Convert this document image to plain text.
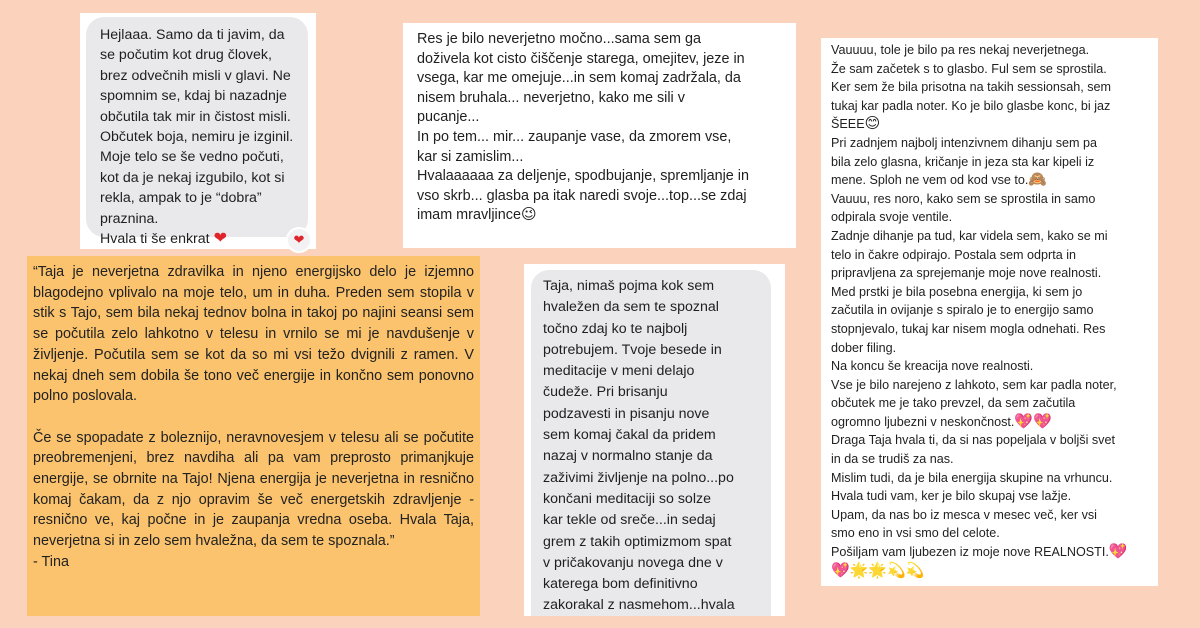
Hejlaaa. Samo da ti javim, da
se počutim kot drug človek,
brez odvečnih misli v glavi. Ne
spomnim se, kdaj bi nazadnje
občutila tak mir in čistost misli.
Občutek boja, nemiru je izginil.
Moje telo se še vedno počuti,
kot da je nekaj izgubilo, kot si
rekla, ampak to je “dobra”
praznina.
Hvala ti še enkrat ❤	❤
Res je bilo neverjetno močno...sama sem ga
doživela kot cisto čiščenje starega, omejitev, jeze in
vsega, kar me omejuje...in sem komaj zadržala, da
nisem bruhala... neverjetno, kako me sili v
pucanje...
In po tem... mir... zaupanje vase, da zmorem vse,
kar si zamislim...
Hvalaaaaaa za deljenje, spodbujanje, spremljanje in
vso skrb... glasba pa itak naredi svoje...top...se zdaj
imam mravljince😉
Vauuuu, tole je bilo pa res nekaj neverjetnega.
Že sam začetek s to glasbo. Ful sem se sprostila.
Ker sem že bila prisotna na takih sessionsah, sem
tukaj kar padla noter. Ko je bilo glasbe konc, bi jaz
ŠEEE😊
Pri zadnjem najbolj intenzivnem dihanju sem pa
bila zelo glasna, kričanje in jeza sta kar kipeli iz
mene. Sploh ne vem od kod vse to.🙈
Vauuu, res noro, kako sem se sprostila in samo
odpirala svoje ventile.
Zadnje dihanje pa tud, kar videla sem, kako se mi
telo in čakre odpirajo. Postala sem odprta in
pripravljena za sprejemanje moje nove realnosti.
Med prstki je bila posebna energija, ki sem jo
začutila in ovijanje s spiralo je to energijo samo
stopnjevalo, tukaj kar nisem mogla odnehati. Res
dober filing.
Na koncu še kreacija nove realnosti.
Vse je bilo narejeno z lahkoto, sem kar padla noter,
občutek me je tako prevzel, da sem začutila
ogromno ljubezni v neskončnost.💖💖
Draga Taja hvala ti, da si nas popeljala v boljši svet
in da se trudiš za nas.
Mislim tudi, da je bila energija skupine na vrhuncu.
Hvala tudi vam, ker je bilo skupaj vse lažje.
Upam, da nas bo iz mesca v mesec več, ker vsi
smo eno in vsi smo del celote.
Pošiljam vam ljubezen iz moje nove REALNOSTI.💖
💖🌟🌟💫💫
“Taja je neverjetna zdravilka in njeno energijsko delo je izjemno blagodejno vplivalo na moje telo, um in duha. Preden sem stopila v stik s Tajo, sem bila nekaj tednov bolna in takoj po najini seansi sem se počutila zelo lahkotno v telesu in vrnilo se mi je navdušenje v življenje. Počutila sem se kot da so mi vsi težo dvignili z ramen. V nekaj dneh sem dobila še tono več energije in končno sem ponovno polno poslovala.
Če se spopadate z boleznijo, neravnovesjem v telesu ali se počutite preobremenjeni, brez navdiha ali pa vam preprosto primanjkuje energije, se obrnite na Tajo! Njena energija je neverjetna in resnično komaj čakam, da z njo opravim še več energetskih zdravljenje - resnično ve, kaj počne in je zaupanja vredna oseba. Hvala Taja, neverjetna si in zelo sem hvaležna, da sem te spoznala.”
- Tina
Taja, nimaš pojma kok sem
hvaležen da sem te spoznal
točno zdaj ko te najbolj
potrebujem. Tvoje besede in
meditacije v meni delajo
čudeže. Pri brisanju
podzavesti in pisanju nove
sem komaj čakal da pridem
nazaj v normalno stanje da
zaživimi življenje na polno...po
končani meditaciji so solze
kar tekle od sreče...in sedaj
grem z takih optimizmom spat
v pričakovanju novega dne v
katerega bom definitivno
zakorakal z nasmehom...hvala
